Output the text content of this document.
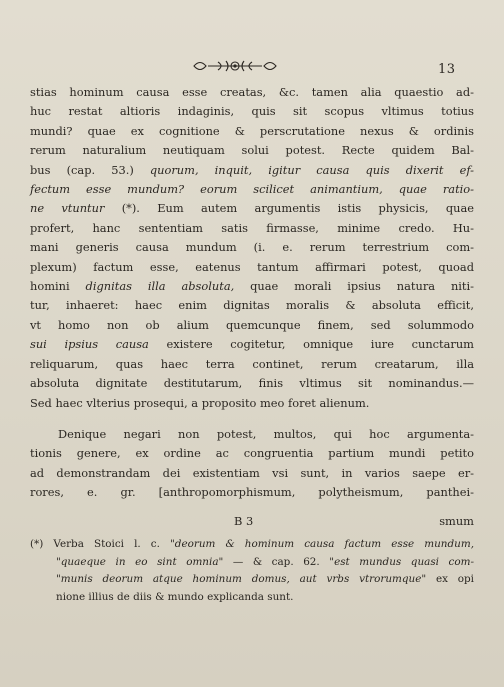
13
stias hominum causa esse creatas, &c. tamen alia quaestio ad-
huc restat altioris indaginis, quis sit scopus vltimus totius
mundi? quae ex cognitione & perscrutatione nexus & ordinis
rerum naturalium neutiquam solui potest. Recte quidem Bal-
bus (cap. 53.) quorum, inquit, igitur causa quis dixerit ef-
fectum esse mundum? eorum scilicet animantium, quae ratio-
ne vtuntur (*). Eum autem argumentis istis physicis, quae
profert, hanc sententiam satis firmasse, minime credo. Hu-
mani generis causa mundum (i. e. rerum terrestrium com-
plexum) factum esse, eatenus tantum affirmari potest, quoad
homini dignitas illa absoluta, quae morali ipsius natura niti-
tur, inhaeret: haec enim dignitas moralis & absoluta efficit,
vt homo non ob alium quemcunque finem, sed solummodo
sui ipsius causa existere cogitetur, omnique iure cunctarum
reliquarum, quas haec terra continet, rerum creatarum, illa
absoluta dignitate destitutarum, finis vltimus sit nominandus.—
Sed haec vlterius prosequi, a proposito meo foret alienum.
Denique negari non potest, multos, qui hoc argumenta-
tionis genere, ex ordine ac congruentia partium mundi petito
ad demonstrandam dei existentiam vsi sunt, in varios saepe er-
rores, e. gr. [anthropomorphismum, polytheismum, panthei-
B 3	smum
(*) Verba Stoici l. c. "deorum & hominum causa factum esse mundum,
"quaeque in eo sint omnia" — & cap. 62. "est mundus quasi com-
"munis deorum atque hominum domus, aut vrbs vtrorumque" ex opi
nione illius de diis & mundo explicanda sunt.
